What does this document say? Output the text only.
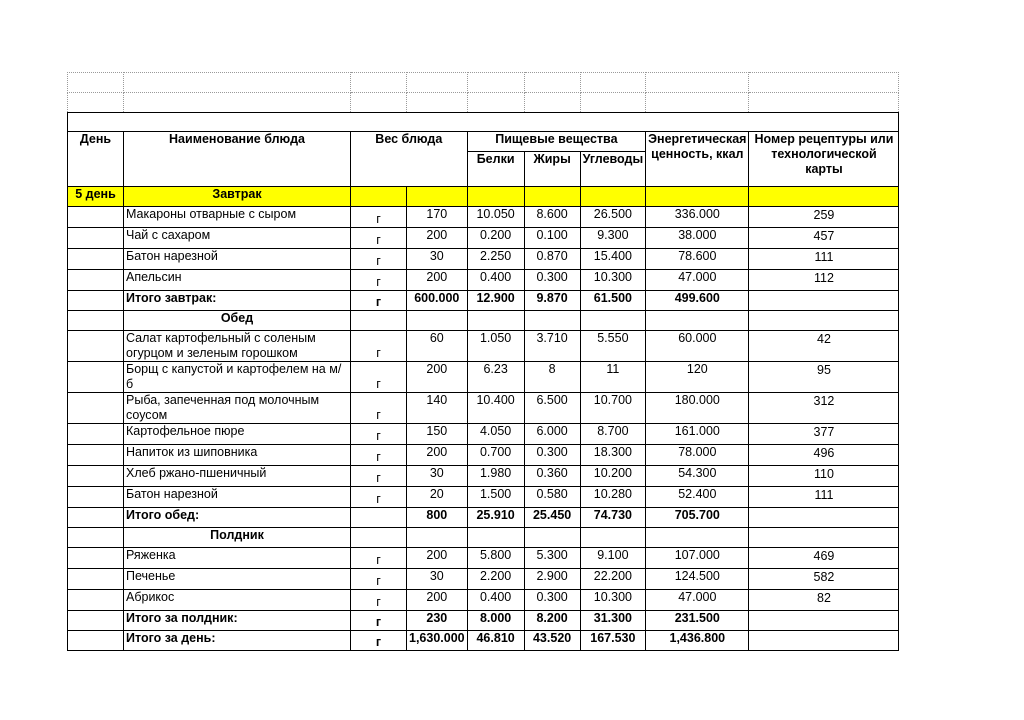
День	Наименование блюда	Вес блюда		Пищевые вещества			Энергетическая ценность, ккал	Номер рецептуры или технологической карты
				Белки	Жиры	Углеводы		
5 день	Завтрак							
	Макароны отварные с сыром	г	170	10.050	8.600	26.500	336.000	259
	Чай с сахаром	г	200	0.200	0.100	9.300	38.000	457
	Батон нарезной	г	30	2.250	0.870	15.400	78.600	111
	Апельсин	г	200	0.400	0.300	10.300	47.000	112
	Итого завтрак:	г	600.000	12.900	9.870	61.500	499.600	
	Обед							
	Салат картофельный с соленым огурцом и зеленым горошком	г	60	1.050	3.710	5.550	60.000	42
	Борщ с капустой и картофелем на м/б	г	200	6.23	8	11	120	95
	Рыба, запеченная под молочным соусом	г	140	10.400	6.500	10.700	180.000	312
	Картофельное пюре	г	150	4.050	6.000	8.700	161.000	377
	Напиток из шиповника	г	200	0.700	0.300	18.300	78.000	496
	Хлеб ржано-пшеничный	г	30	1.980	0.360	10.200	54.300	110
	Батон нарезной	г	20	1.500	0.580	10.280	52.400	111
	Итого обед:		800	25.910	25.450	74.730	705.700	
	Полдник							
	Ряженка	г	200	5.800	5.300	9.100	107.000	469
	Печенье	г	30	2.200	2.900	22.200	124.500	582
	Абрикос	г	200	0.400	0.300	10.300	47.000	82
	Итого за полдник:	г	230	8.000	8.200	31.300	231.500	
	Итого за день:	г	1,630.000	46.810	43.520	167.530	1,436.800	
